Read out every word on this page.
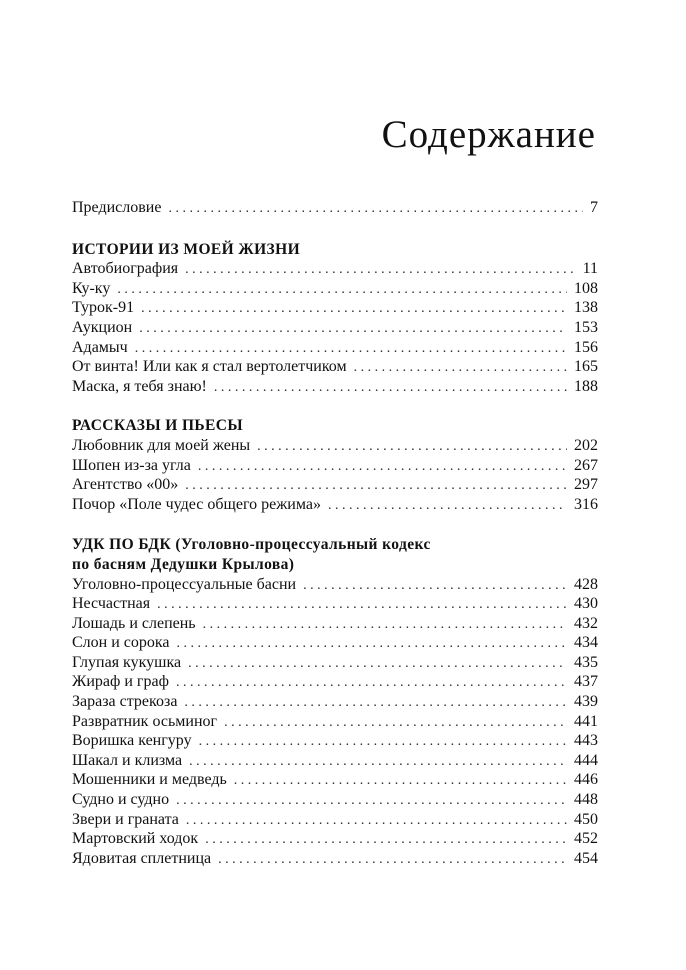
Содержание
Предисловие . . .	7
ИСТОРИИ ИЗ МОЕЙ ЖИЗНИ
Автобиография . . .	11
Ку-ку . . .	108
Турок-91 . . .	138
Аукцион . . .	153
Адамыч . . .	156
От винта! Или как я стал вертолетчиком . . .	165
Маска, я тебя знаю! . . .	188
РАССКАЗЫ И ПЬЕСЫ
Любовник для моей жены . . .	202
Шопен из-за угла . . .	267
Агентство «00» . . .	297
Почор «Поле чудес общего режима» . . .	316
УДК ПО БДК (Уголовно-процессуальный кодекс
по басням Дедушки Крылова)
Уголовно-процессуальные басни . . .	428
Несчастная . . .	430
Лошадь и слепень . . .	432
Слон и сорока . . .	434
Глупая кукушка . . .	435
Жираф и граф . . .	437
Зараза стрекоза . . .	439
Развратник осьминог . . .	441
Воришка кенгуру . . .	443
Шакал и клизма . . .	444
Мошенники и медведь . . .	446
Судно и судно . . .	448
Звери и граната . . .	450
Мартовский ходок . . .	452
Ядовитая сплетница . . .	454
